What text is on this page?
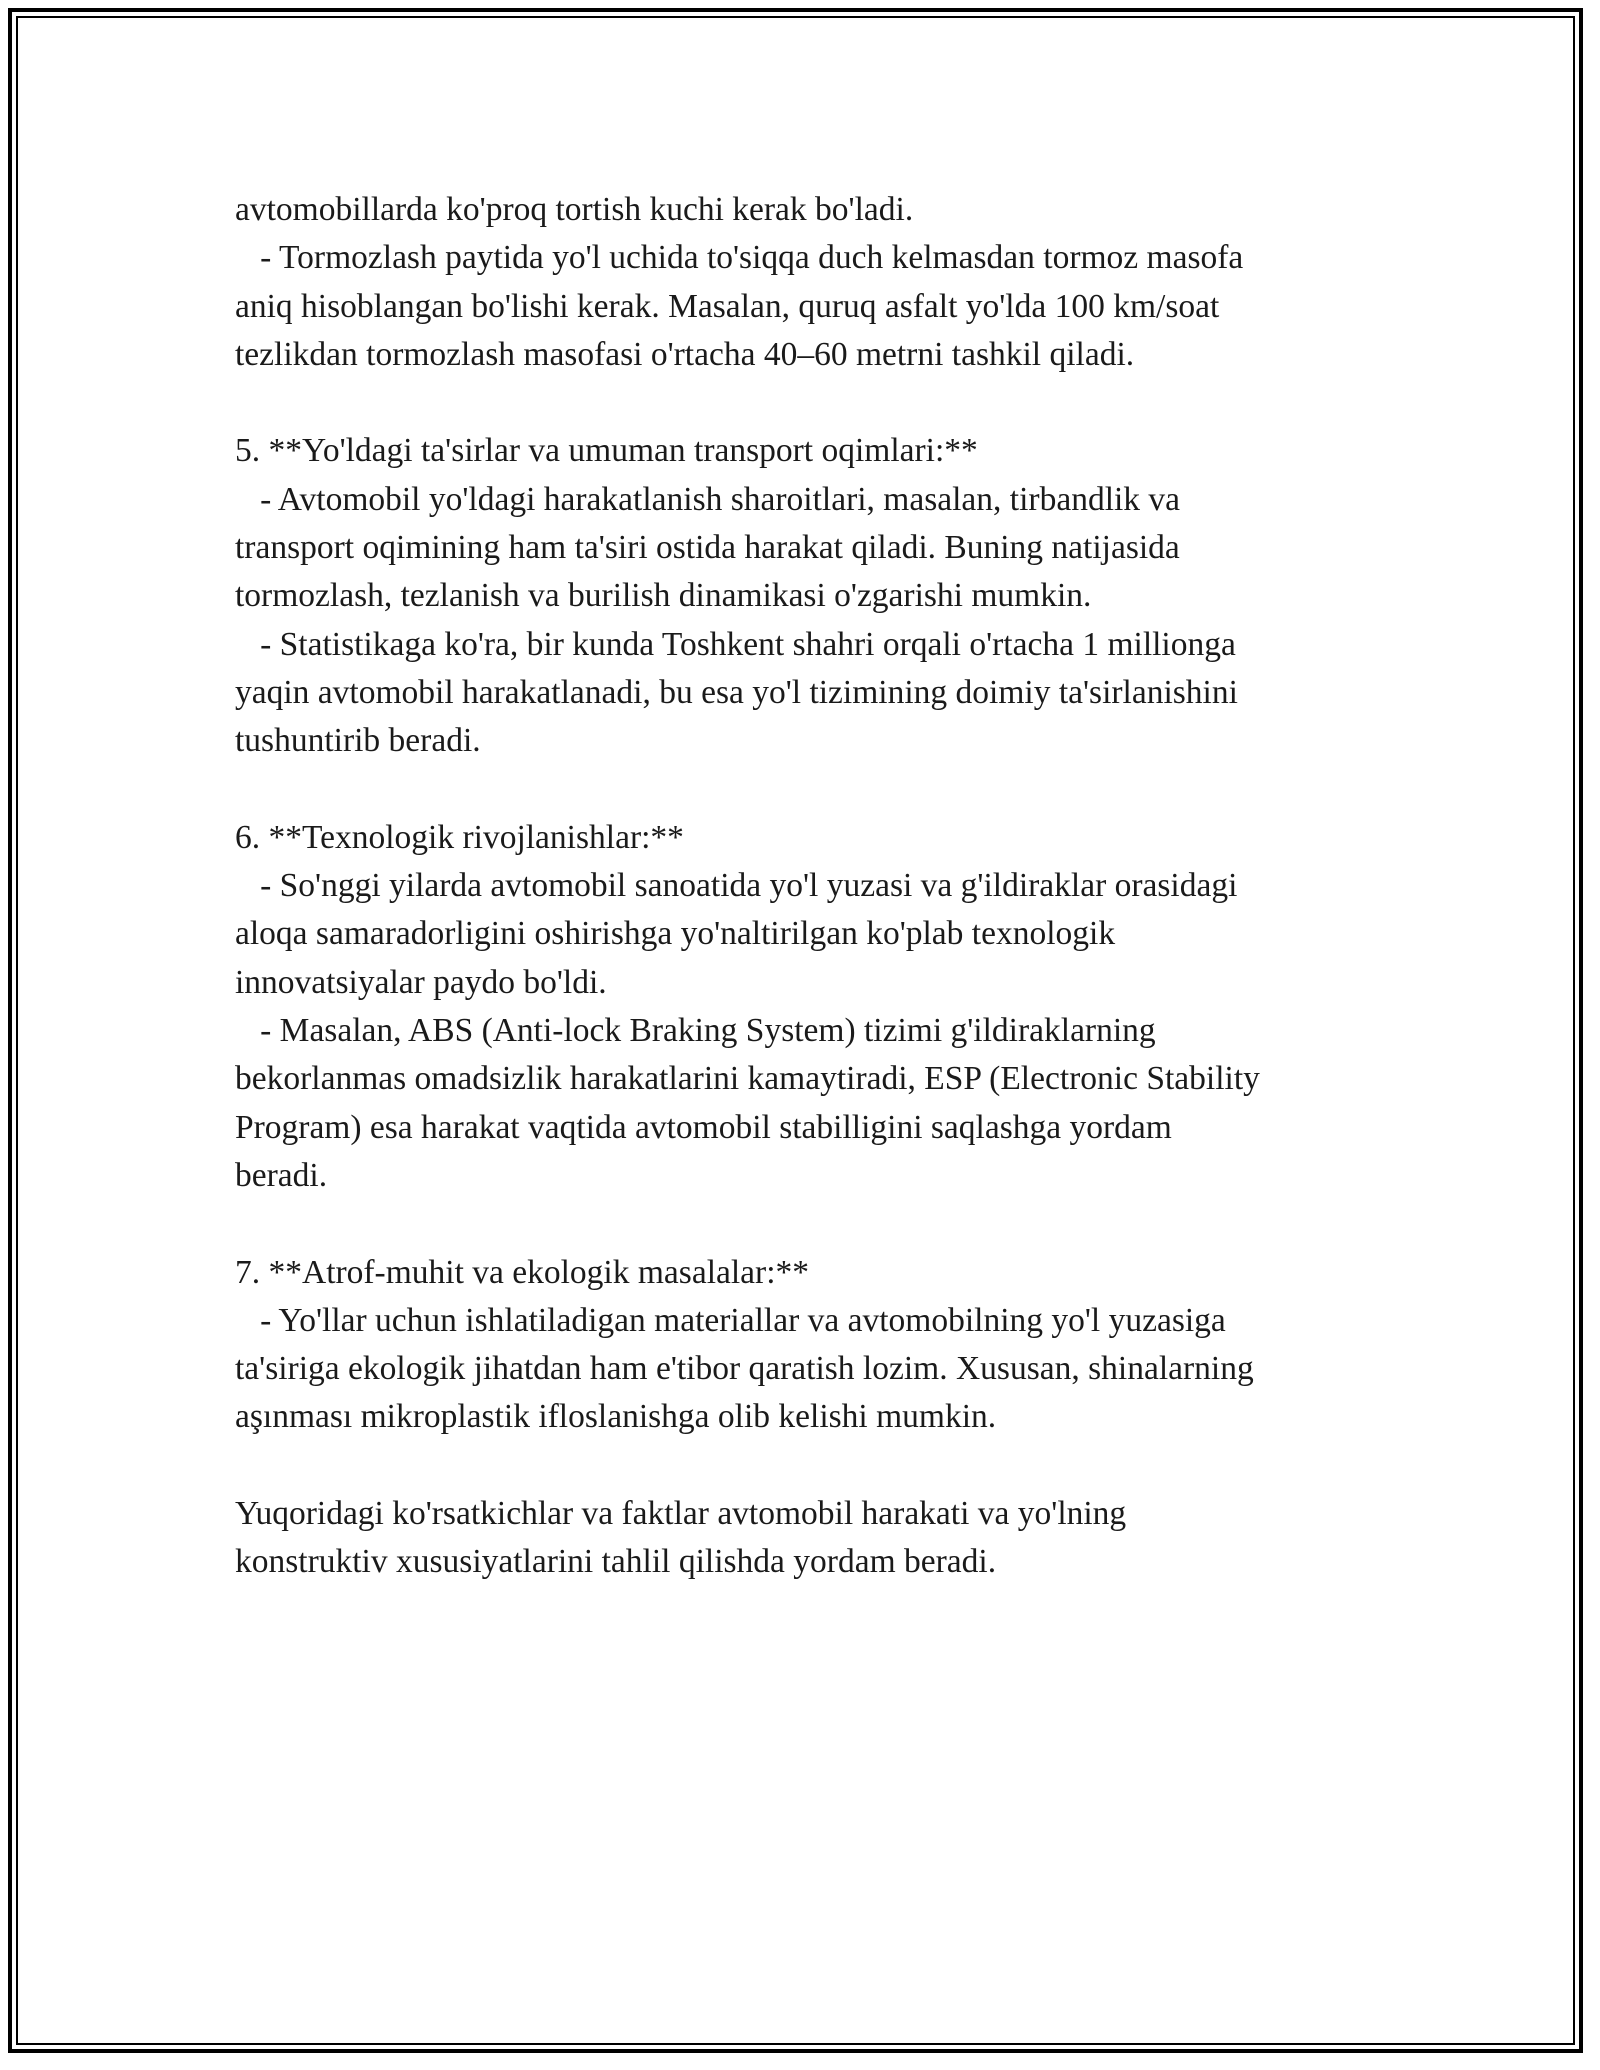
avtomobillarda ko'proq tortish kuchi kerak bo'ladi.
- Tormozlash paytida yo'l uchida to'siqqa duch kelmasdan tormoz masofa
aniq hisoblangan bo'lishi kerak. Masalan, quruq asfalt yo'lda 100 km/soat
tezlikdan tormozlash masofasi o'rtacha 40–60 metrni tashkil qiladi.
5. **Yo'ldagi ta'sirlar va umuman transport oqimlari:**
- Avtomobil yo'ldagi harakatlanish sharoitlari, masalan, tirbandlik va
transport oqimining ham ta'siri ostida harakat qiladi. Buning natijasida
tormozlash, tezlanish va burilish dinamikasi o'zgarishi mumkin.
- Statistikaga ko'ra, bir kunda Toshkent shahri orqali o'rtacha 1 millionga
yaqin avtomobil harakatlanadi, bu esa yo'l tizimining doimiy ta'sirlanishini
tushuntirib beradi.
6. **Texnologik rivojlanishlar:**
- So'nggi yilarda avtomobil sanoatida yo'l yuzasi va g'ildiraklar orasidagi
aloqa samaradorligini oshirishga yo'naltirilgan ko'plab texnologik
innovatsiyalar paydo bo'ldi.
- Masalan, ABS (Anti-lock Braking System) tizimi g'ildiraklarning
bekorlanmas omadsizlik harakatlarini kamaytiradi, ESP (Electronic Stability
Program) esa harakat vaqtida avtomobil stabilligini saqlashga yordam
beradi.
7. **Atrof-muhit va ekologik masalalar:**
- Yo'llar uchun ishlatiladigan materiallar va avtomobilning yo'l yuzasiga
ta'siriga ekologik jihatdan ham e'tibor qaratish lozim. Xususan, shinalarning
aşınması mikroplastik ifloslanishga olib kelishi mumkin.
Yuqoridagi ko'rsatkichlar va faktlar avtomobil harakati va yo'lning
konstruktiv xususiyatlarini tahlil qilishda yordam beradi.
